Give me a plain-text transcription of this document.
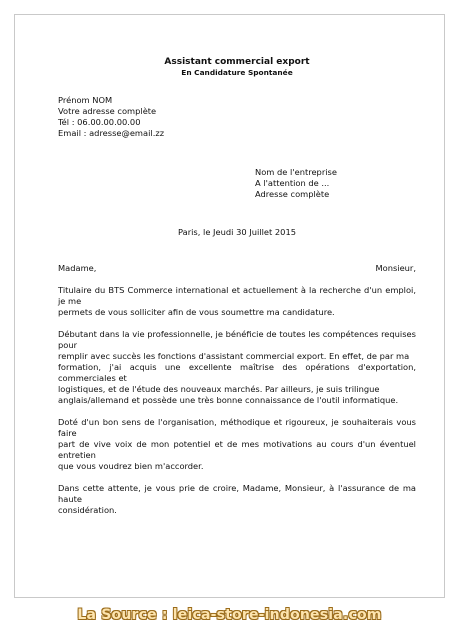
Assistant commercial export
En Candidature Spontanée
Prénom NOM
Votre adresse complète
Tél : 06.00.00.00.00
Email : adresse@email.zz
Nom de l'entreprise
A l'attention de ...
Adresse complète
Paris, le Jeudi 30 Juillet 2015
Madame,	Monsieur,
Titulaire du BTS Commerce international et actuellement à la recherche d'un emploi, je me
permets de vous solliciter afin de vous soumettre ma candidature.
Débutant dans la vie professionnelle, je bénéficie de toutes les compétences requises pour
remplir avec succès les fonctions d'assistant commercial export. En effet, de par ma
formation, j'ai acquis une excellente maîtrise des opérations d'exportation, commerciales et
logistiques, et de l'étude des nouveaux marchés. Par ailleurs, je suis trilingue
anglais/allemand et possède une très bonne connaissance de l'outil informatique.
Doté d'un bon sens de l'organisation, méthodique et rigoureux, je souhaiterais vous faire
part de vive voix de mon potentiel et de mes motivations au cours d'un éventuel entretien
que vous voudrez bien m'accorder.
Dans cette attente, je vous prie de croire, Madame, Monsieur, à l'assurance de ma haute
considération.
La Source : leica-store-indonesia.com
